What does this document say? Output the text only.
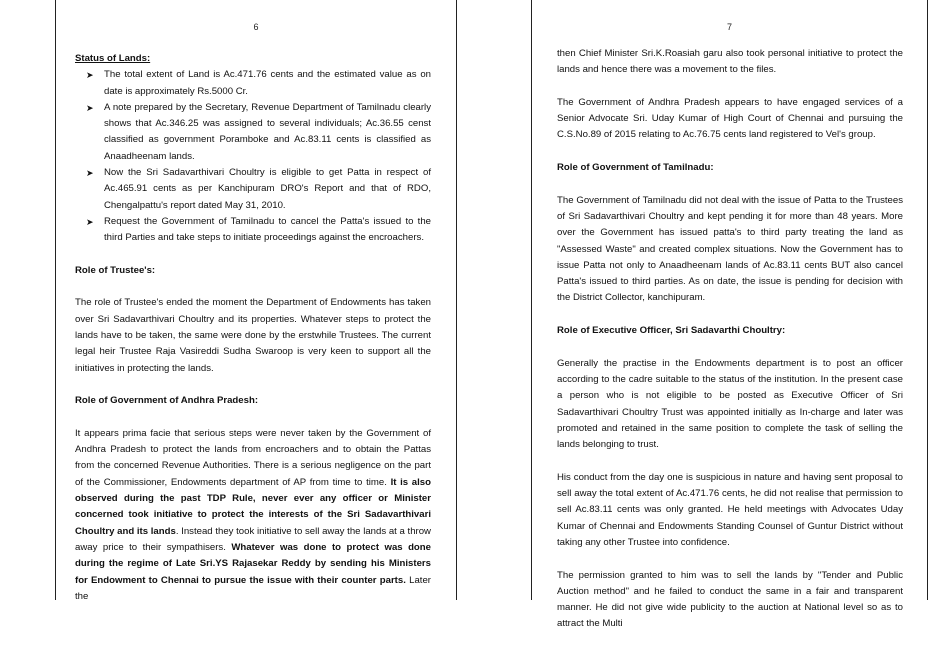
6

Status of Lands:

➤ The total extent of Land is Ac.471.76 cents and the estimated value as on date is approximately Rs.5000 Cr.
➤ A note prepared by the Secretary, Revenue Department of Tamilnadu clearly shows that Ac.346.25 was assigned to several individuals; Ac.36.55 censt classified as government Poramboke and Ac.83.11 cents is classified as Anaadheenam lands.
➤ Now the Sri Sadavarthivari Choultry is eligible to get Patta in respect of Ac.465.91 cents as per Kanchipuram DRO's Report and that of RDO, Chengalpattu's report dated May 31, 2010.
➤ Request the Government of Tamilnadu to cancel the Patta's issued to the third Parties and take steps to initiate proceedings against the encroachers.

Role of Trustee's:

The role of Trustee's ended the moment the Department of Endowments has taken over Sri Sadavarthivari Choultry and its properties. Whatever steps to protect the lands have to be taken, the same were done by the erstwhile Trustees. The current legal heir Trustee Raja Vasireddi Sudha Swaroop is very keen to support all the initiatives in protecting the lands.

Role of Government of Andhra Pradesh:

It appears prima facie that serious steps were never taken by the Government of Andhra Pradesh to protect the lands from encroachers and to obtain the Pattas from the concerned Revenue Authorities. There is a serious negligence on the part of the Commissioner, Endowments department of AP from time to time. It is also observed during the past TDP Rule, never ever any officer or Minister concerned took initiative to protect the interests of the Sri Sadavarthivari Choultry and its lands. Instead they took initiative to sell away the lands at a throw away price to their sympathisers. Whatever was done to protect was done during the regime of Late Sri.YS Rajasekar Reddy by sending his Ministers for Endowment to Chennai to pursue the issue with their counter parts. Later the

7

then Chief Minister Sri.K.Roasiah garu also took personal initiative to protect the lands and hence there was a movement to the files.

The Government of Andhra Pradesh appears to have engaged services of a Senior Advocate Sri. Uday Kumar of High Court of Chennai and pursuing the C.S.No.89 of 2015 relating to Ac.76.75 cents land registered to Vel's group.

Role of Government of Tamilnadu:

The Government of Tamilnadu did not deal with the issue of Patta to the Trustees of Sri Sadavarthivari Choultry and kept pending it for more than 48 years. More over the Government has issued patta's to third party treating the land as "Assessed Waste" and created complex situations. Now the Government has to issue Patta not only to Anaadheenam lands of Ac.83.11 cents BUT also cancel Patta's issued to third parties. As on date, the issue is pending for decision with the District Collector, kanchipuram.

Role of Executive Officer, Sri Sadavarthi Choultry:

Generally the practise in the Endowments department is to post an officer according to the cadre suitable to the status of the institution. In the present case a person who is not eligible to be posted as Executive Officer of Sri Sadavarthivari Choultry Trust was appointed initially as In-charge and later was promoted and retained in the same position to complete the task of selling the lands belonging to trust.

His conduct from the day one is suspicious in nature and having sent proposal to sell away the total extent of Ac.471.76 cents, he did not realise that permission to sell Ac.83.11 cents was only granted. He held meetings with Advocates Uday Kumar of Chennai and Endowments Standing Counsel of Guntur District without taking any other Trustee into confidence.

The permission granted to him was to sell the lands by "Tender and Public Auction method" and he failed to conduct the same in a fair and transparent manner. He did not give wide publicity to the auction at National level so as to attract the Multi
